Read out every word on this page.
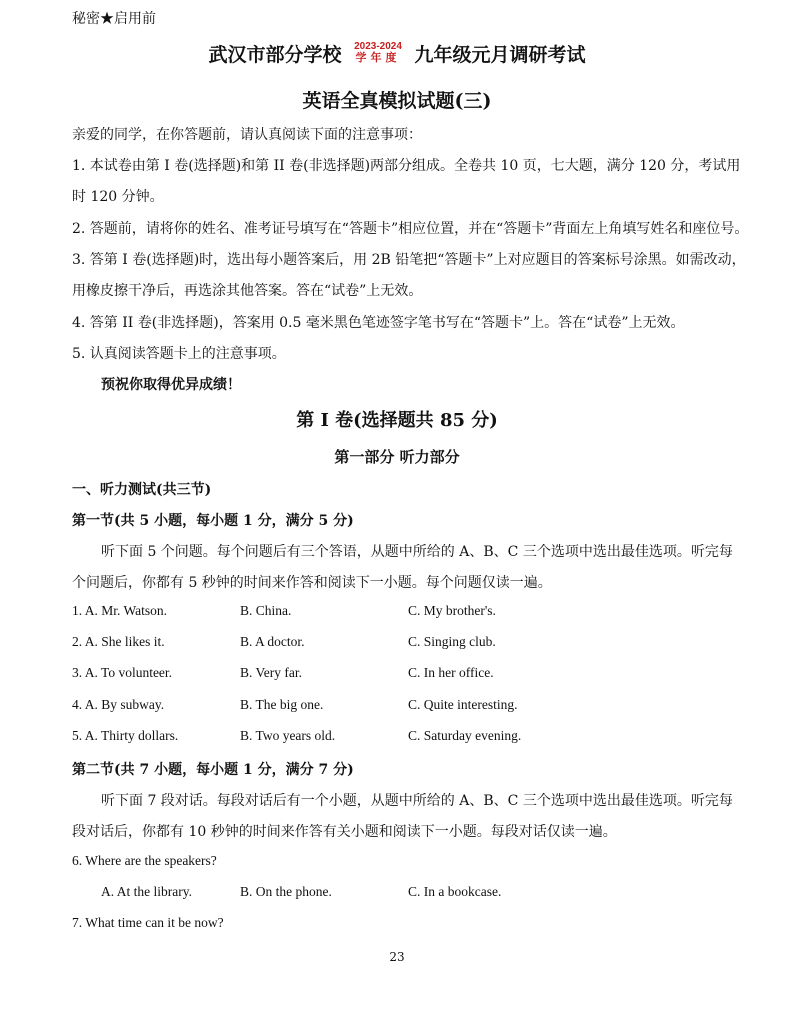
秘密★启用前
武汉市部分学校 2023-2024
学年度 九年级元月调研考试
英语全真模拟试题(三)
亲爱的同学，在你答题前，请认真阅读下面的注意事项：
1. 本试卷由第 I 卷(选择题)和第 II 卷(非选择题)两部分组成。全卷共 10 页，七大题，满分 120 分，考试用
时 120 分钟。
2. 答题前，请将你的姓名、准考证号填写在“答题卡”相应位置，并在“答题卡”背面左上角填写姓名和座位号。
3. 答第 I 卷(选择题)时，选出每小题答案后，用 2B 铅笔把“答题卡”上对应题目的答案标号涂黑。如需改动，
用橡皮擦干净后，再选涂其他答案。答在“试卷”上无效。
4. 答第 II 卷(非选择题)，答案用 0.5 毫米黑色笔迹签字笔书写在“答题卡”上。答在“试卷”上无效。
5. 认真阅读答题卡上的注意事项。
预祝你取得优异成绩！
第 I 卷(选择题共 85 分)
第一部分 听力部分
一、听力测试(共三节)
第一节(共 5 小题，每小题 1 分，满分 5 分)
听下面 5 个问题。每个问题后有三个答语，从题中所给的 A、B、C 三个选项中选出最佳选项。听完每
个问题后，你都有 5 秒钟的时间来作答和阅读下一小题。每个问题仅读一遍。
1. A. Mr. Watson.	B. China.	C. My brother's.
2. A. She likes it.	B. A doctor.	C. Singing club.
3. A. To volunteer.	B. Very far.	C. In her office.
4. A. By subway.	B. The big one.	C. Quite interesting.
5. A. Thirty dollars.	B. Two years old.	C. Saturday evening.
第二节(共 7 小题，每小题 1 分，满分 7 分)
听下面 7 段对话。每段对话后有一个小题，从题中所给的 A、B、C 三个选项中选出最佳选项。听完每
段对话后，你都有 10 秒钟的时间来作答有关小题和阅读下一小题。每段对话仅读一遍。
6. Where are the speakers?
A. At the library.	B. On the phone.	C. In a bookcase.
7. What time can it be now?
23
